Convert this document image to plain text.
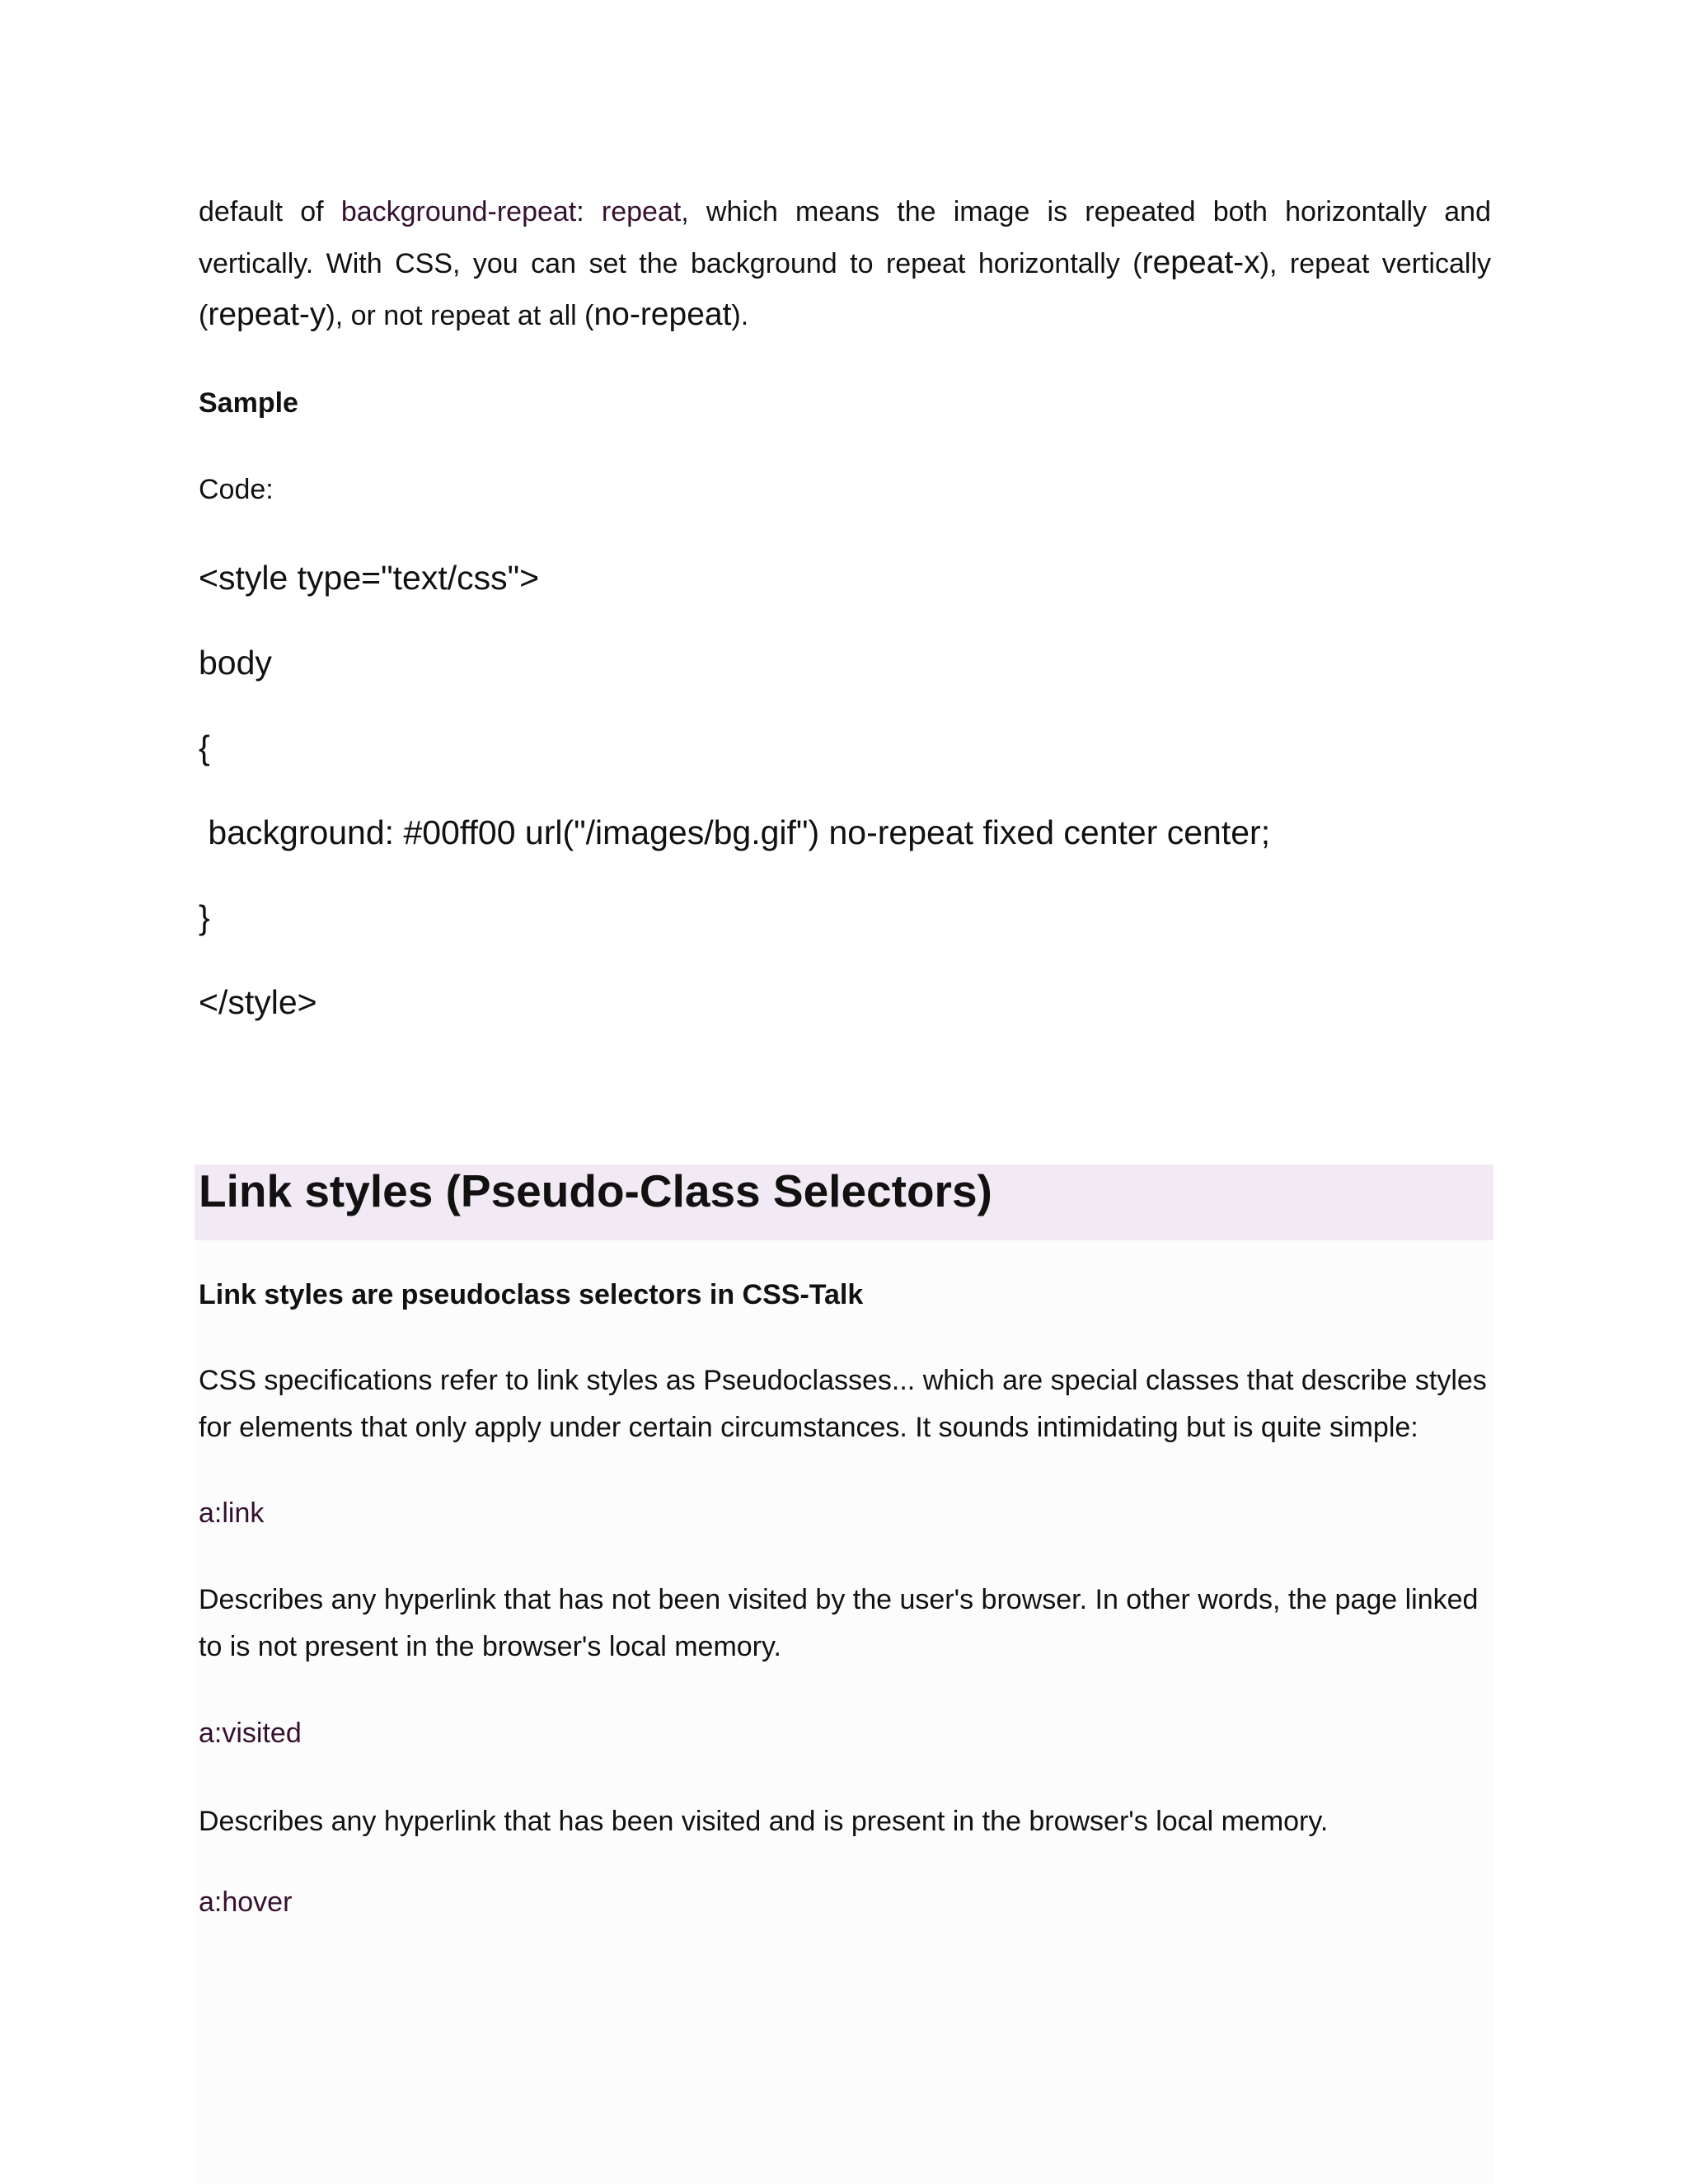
default of background-repeat: repeat, which means the image is repeated both horizontally and vertically. With CSS, you can set the background to repeat horizontally (repeat-x), repeat vertically (repeat-y), or not repeat at all (no-repeat).

Sample
Code:
<style type="text/css">
body
{
background: #00ff00 url("/images/bg.gif") no-repeat fixed center center;
}
</style>
Link styles (Pseudo-Class Selectors)
Link styles are pseudoclass selectors in CSS-Talk

CSS specifications refer to link styles as Pseudoclasses... which are special classes that describe styles for elements that only apply under certain circumstances. It sounds intimidating but is quite simple:

a:link

Describes any hyperlink that has not been visited by the user's browser. In other words, the page linked to is not present in the browser's local memory.

a:visited

Describes any hyperlink that has been visited and is present in the browser's local memory.

a:hover
